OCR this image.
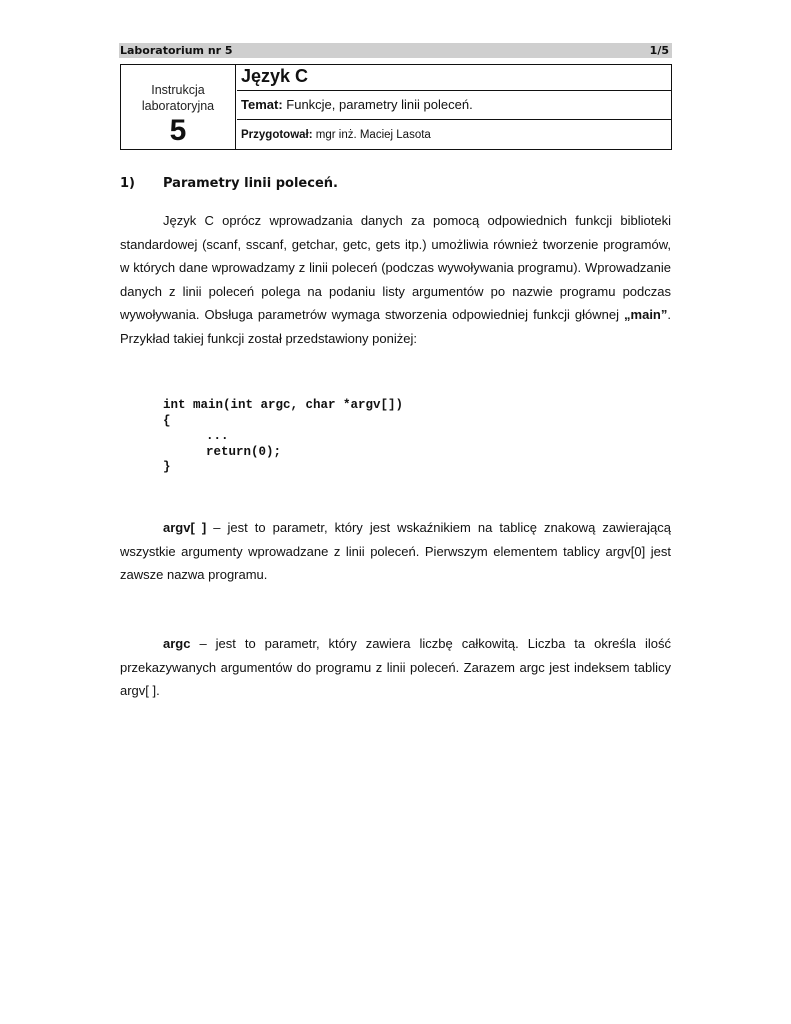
Laboratorium nr 5	1/5
Instrukcja
laboratoryjna
5
Język C
Temat: Funkcje, parametry linii poleceń.
Przygotował: mgr inż. Maciej Lasota
1) Parametry linii poleceń.

Język C oprócz wprowadzania danych za pomocą odpowiednich funkcji biblioteki standardowej (scanf, sscanf, getchar, getc, gets itp.) umożliwia również tworzenie programów, w których dane wprowadzamy z linii poleceń (podczas wywoływania programu). Wprowadzanie danych z linii poleceń polega na podaniu listy argumentów po nazwie programu podczas wywoływania. Obsługa parametrów wymaga stworzenia odpowiedniej funkcji głównej „main”. Przykład takiej funkcji został przedstawiony poniżej:

int main(int argc, char *argv[])
{
...
return(0);
}

argv[ ] – jest to parametr, który jest wskaźnikiem na tablicę znakową zawierającą wszystkie argumenty wprowadzane z linii poleceń. Pierwszym elementem tablicy argv[0] jest zawsze nazwa programu.

argc – jest to parametr, który zawiera liczbę całkowitą. Liczba ta określa ilość przekazywanych argumentów do programu z linii poleceń. Zarazem argc jest indeksem tablicy argv[ ].
